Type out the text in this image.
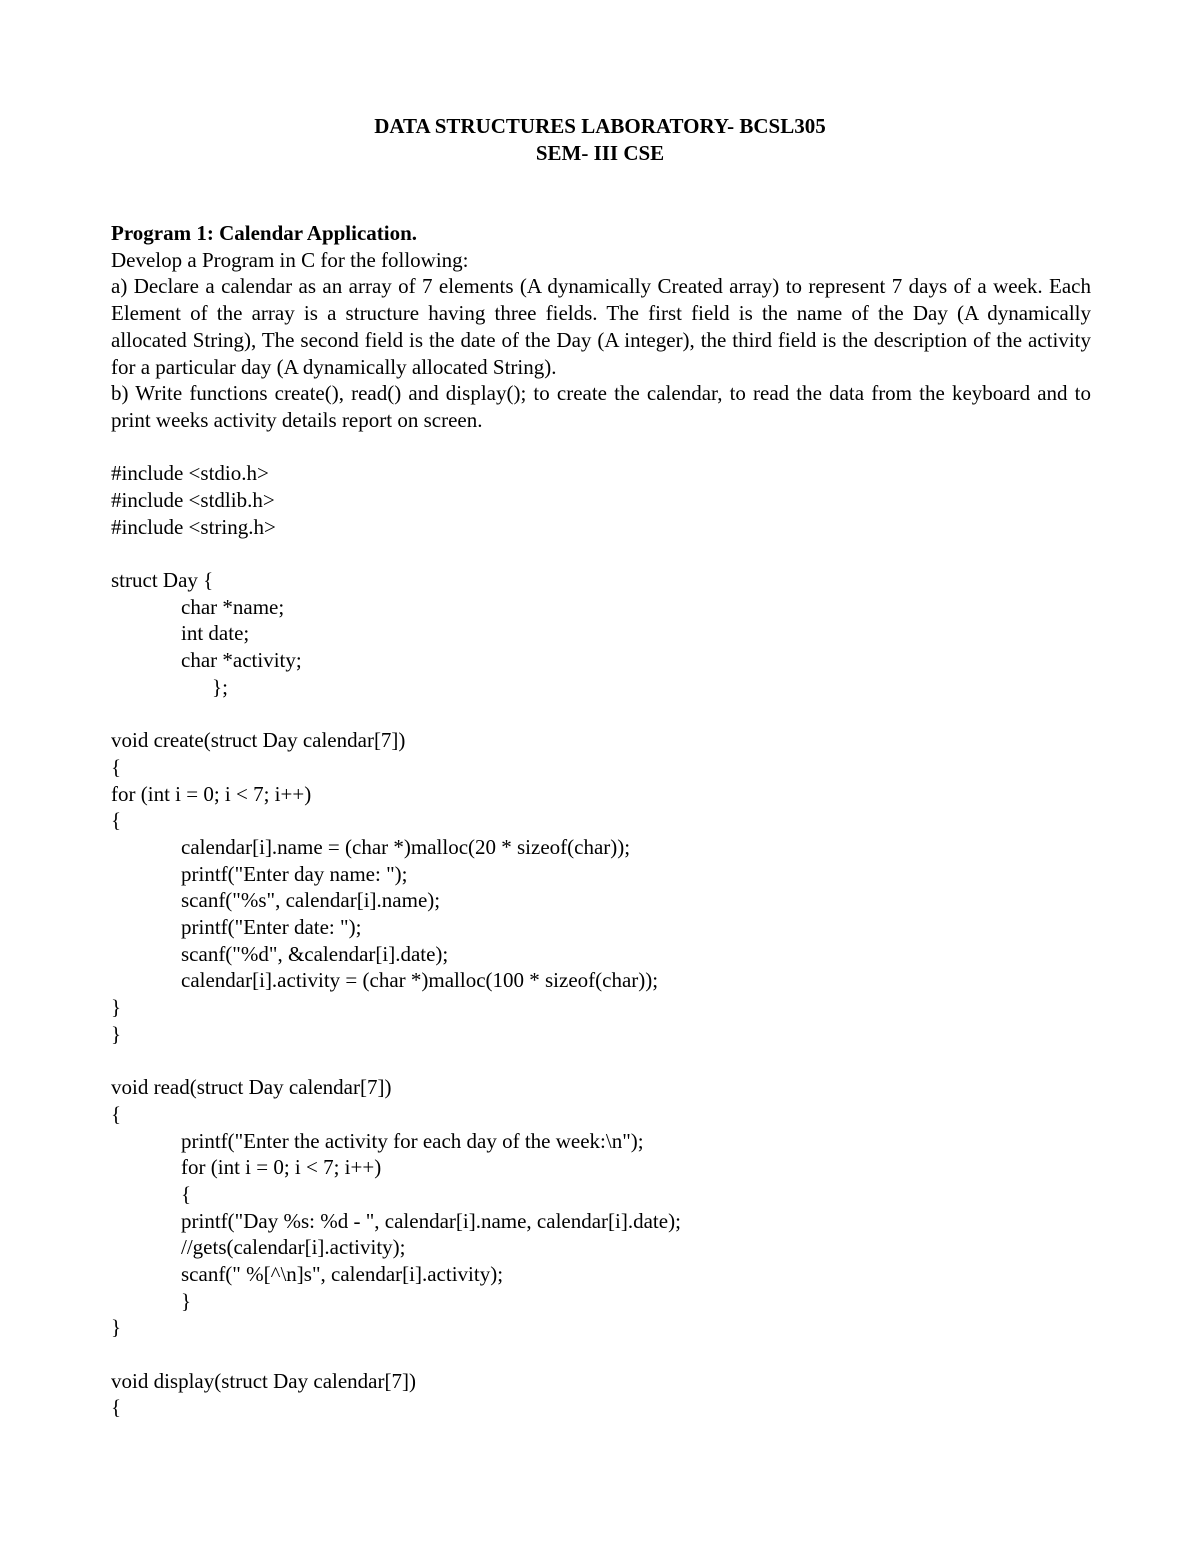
DATA STRUCTURES LABORATORY- BCSL305
SEM- III CSE

Program 1: Calendar Application.

Develop a Program in C for the following:

a) Declare a calendar as an array of 7 elements (A dynamically Created array) to represent 7 days of a week. Each Element of the array is a structure having three fields. The first field is the name of the Day (A dynamically allocated String), The second field is the date of the Day (A integer), the third field is the description of the activity for a particular day (A dynamically allocated String).

b) Write functions create(), read() and display(); to create the calendar, to read the data from the keyboard and to print weeks activity details report on screen.

#include <stdio.h>
#include <stdlib.h>
#include <string.h>
struct Day {
char *name;
int date;
char *activity;
};
void create(struct Day calendar[7])
{
for (int i = 0; i < 7; i++)
{
calendar[i].name = (char *)malloc(20 * sizeof(char));
printf("Enter day name: ");
scanf("%s", calendar[i].name);
printf("Enter date: ");
scanf("%d", &calendar[i].date);
calendar[i].activity = (char *)malloc(100 * sizeof(char));
}
}
void read(struct Day calendar[7])
{
printf("Enter the activity for each day of the week:\n");
for (int i = 0; i < 7; i++)
{
printf("Day %s: %d - ", calendar[i].name, calendar[i].date);
//gets(calendar[i].activity);
scanf(" %[^\n]s", calendar[i].activity);
}
}
void display(struct Day calendar[7])
{
